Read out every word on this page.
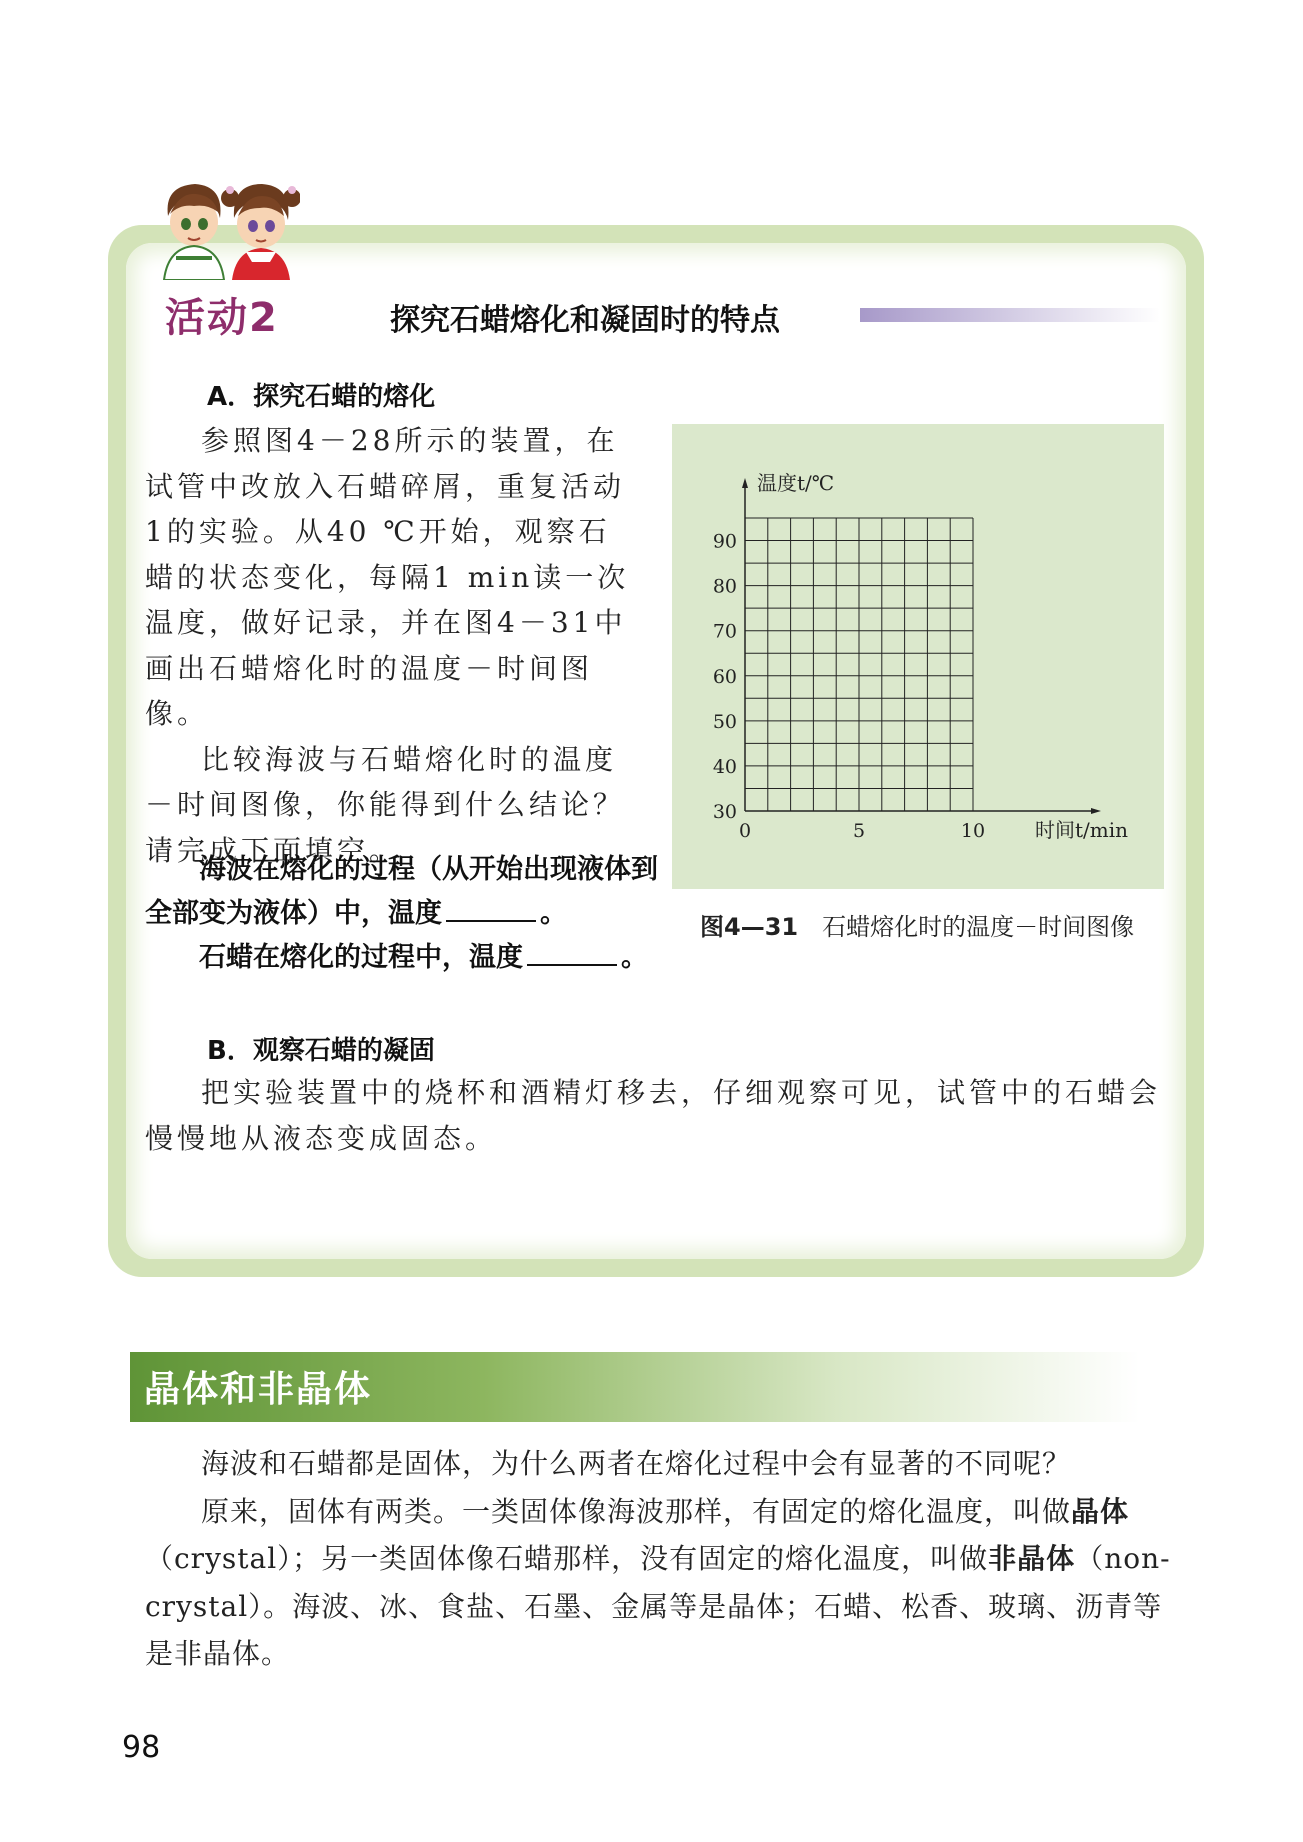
活动2	探究石蜡熔化和凝固时的特点
A．探究石蜡的熔化

参照图4－28所示的装置，在试管中改放入石蜡碎屑，重复活动1的实验。从40 ℃开始，观察石蜡的状态变化，每隔1 min读一次温度，做好记录，并在图4－31中画出石蜡熔化时的温度－时间图像。

比较海波与石蜡熔化时的温度－时间图像，你能得到什么结论？请完成下面填空。

海波在熔化的过程（从开始出现液体到全部变为液体）中，温度	。

石蜡在熔化的过程中，温度	。

30
40
50
60
70
80
90
0	5	10
温度t/℃
时间t/min
图4—31 石蜡熔化时的温度－时间图像
B．观察石蜡的凝固

把实验装置中的烧杯和酒精灯移去，仔细观察可见，试管中的石蜡会慢慢地从液态变成固态。

晶体和非晶体

海波和石蜡都是固体，为什么两者在熔化过程中会有显著的不同呢？

原来，固体有两类。一类固体像海波那样，有固定的熔化温度，叫做晶体（crystal）；另一类固体像石蜡那样，没有固定的熔化温度，叫做非晶体（non-crystal）。海波、冰、食盐、石墨、金属等是晶体；石蜡、松香、玻璃、沥青等是非晶体。

98
